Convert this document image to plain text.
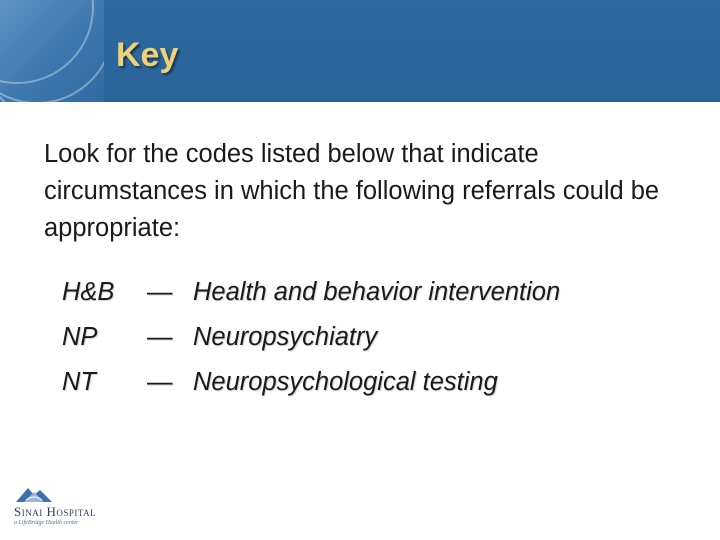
Key

Look for the codes listed below that indicate circumstances in which the following referrals could be appropriate:

H&B	— Health and behavior intervention
NP	— Neuropsychiatry
NT	— Neuropsychological testing
Sinai Hospital
a LifeBridge Health center
